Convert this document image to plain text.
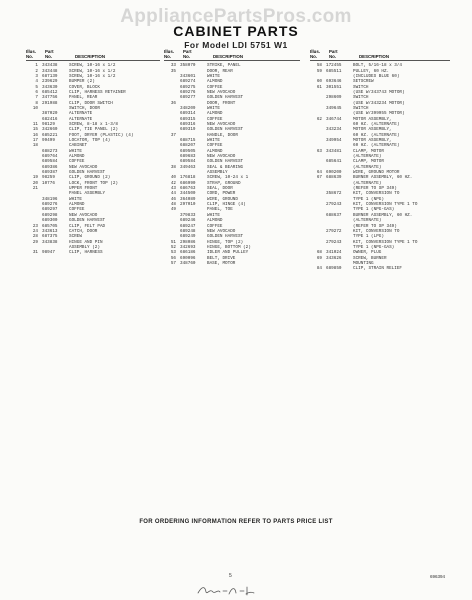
AppliancePartsPros.com
CABINET PARTS
For Model LDI 5751 W1
Illus.	Part
No.	No.	DESCRIPTION
1 343438	SCREW, 10-16 x 1/2
2 343448	SCREW, 10-16 x 1/2
3 687139	SCREW, 10-16 x 1/2
4 239629	BUMPER (2)
5 343630	COVER, BLOCK
6 685412	CLIP, HARNESS RETAINER
7 347756	PANEL, REAR
8 291988	CLIP, DOOR SWITCH
10	SWITCH, DOOR
387020	ALTERNATE
682416	ALTERNATE
11 98129	SCREW, 8-18 x 1-3/8
15 342660	CLIP, TIE PANEL (2)
16 685221	FOOT, DRYER (PLASTIC) (4)
17 99499	LOCATOR, TOP (4)
18	CABINET
688273	WHITE
689764	ALMOND
689584	COFFEE
689386	NEW AVOCADO
689387	GOLDEN HARVEST
19 98259	CLIP, GROUND (2)
20 10776	LOCK, FRONT TOP (2)
21	UPPER FRONT
PANEL ASSEMBLY
348196	WHITE
689276	ALMOND
689297	COFFEE
689298	NEW AVOCADO
689300	GOLDEN HARVEST
23 685705	CLIP, FELT PAD
24 343613	CATCH, DOOR
28 687375	SCREW
29 343838	HINGE AND PIN
ASSEMBLY (2)
31 98947	CLIP, HARNESS
Illus.	Part
No.	No.	DESCRIPTION
33 358070	STRIKE, PANEL
35	DOOR, REAR
343601	WHITE
689274	ALMOND
689275	COFFEE
689276	NEW AVOCADO
689277	GOLDEN HARVEST
36	DOOR, FRONT
348209	WHITE
689314	ALMOND
689315	COFFEE
689316	NEW AVOCADO
689319	GOLDEN HARVEST
37	HANDLE, DOOR
688715	WHITE
688207	COFFEE
689505	ALMOND
689683	NEW AVOCADO
689584	GOLDEN HARVEST
38 349463	SEAL & BEARING
ASSEMBLY
40 176818	SCREW, 10-24 x 1
42 686990	STRAP, GROUND
43 686763	SEAL, DOOR
44 344500	CORD, POWER
46 364089	WIRE, GROUND
48 297010	CLIP, HINGE (4)
49	PANEL, TOE
379833	WHITE
689246	ALMOND
689247	COFFEE
689248	NEW AVOCADO
689249	GOLDEN HARVEST
51 298086	HINGE, TOP (2)
52 342693	HINGE, BOTTOM (2)
53 686186	IDLER AND PULLEY
56 690096	BELT, DRIVE
57 348760	BASE, MOTOR
Illus.	Part
No.	No.	DESCRIPTION
58 172455	BOLT, 5/16-18 x 3/4
59 685511	PULLEY, 60 HZ.
(INCLUDES BLUE 60)
60 693646	SETSCREW
61 301551	SWITCH
(USE W/343743 MOTOR)
298609	SWITCH
(USE W/343234 MOTOR)
349645	SWITCH
(USE W/399955 MOTOR)
62 346744	MOTOR ASSEMBLY,
60 HZ. (ALTERNATE)
343234	MOTOR ASSEMBLY,
60 HZ. (ALTERNATE)
349954	MOTOR ASSEMBLY,
60 HZ. (ALTERNATE)
63 343481	CLAMP, MOTOR
(ALTERNATE)
685641	CLAMP, MOTOR
(ALTERNATE)
64 690200	WIRE, GROUND MOTOR
67 688639	BURNER ASSEMBLY, 60 HZ.
(ALTERNATE)
(REFER TO SP 349)
358672	KIT, CONVERSION TO
TYPE 1 (NPG)
279243	KIT, CONVERSION TYPE 1 TO
TYPE 1 (NPG-GAS)
688637	BURNER ASSEMBLY, 60 HZ.
(ALTERNATE)
(REFER TO SP 349)
279272	KIT, CONVERSION TO
TYPE 1 (LPG)
279243	KIT, CONVERSION TYPE 1 TO
TYPE 1 (NPG-GAS)
68 341024	OWNER, PLUG
69 343626	SCREW, BURNER
MOUNTING
84 689850	CLIP, STRAIN RELIEF
FOR ORDERING INFORMATION REFER TO PARTS PRICE LIST
5	696394
